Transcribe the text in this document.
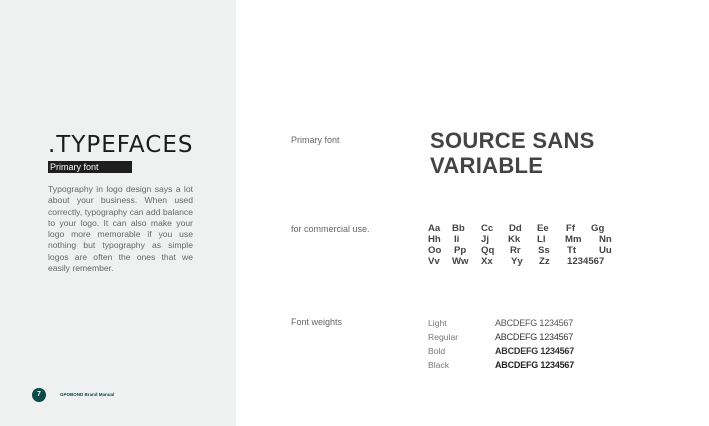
.TYPEFACES
Primary font

Typography in logo design says a lot about your business. When used correctly, typography can add balance to your logo. It can also make your logo more memorable if you use nothing but typography as simple logos are often the ones that we easily remember.

7	GPOBOND Brand Manual
Primary font	SOURCE SANS
VARIABLE
for commercial use.	Aa	Bb	Cc	Dd	Ee	Ff	Gg
Hh	Ii	Jj	Kk	Ll	Mm	Nn
Oo	Pp	Qq	Rr	Ss	Tt	Uu
Vv	Ww	Xx	Yy	Zz	1234567
Font weights	Light	ABCDEFG 1234567
Regular	ABCDEFG 1234567
Bold	ABCDEFG 1234567
Black	ABCDEFG 1234567
